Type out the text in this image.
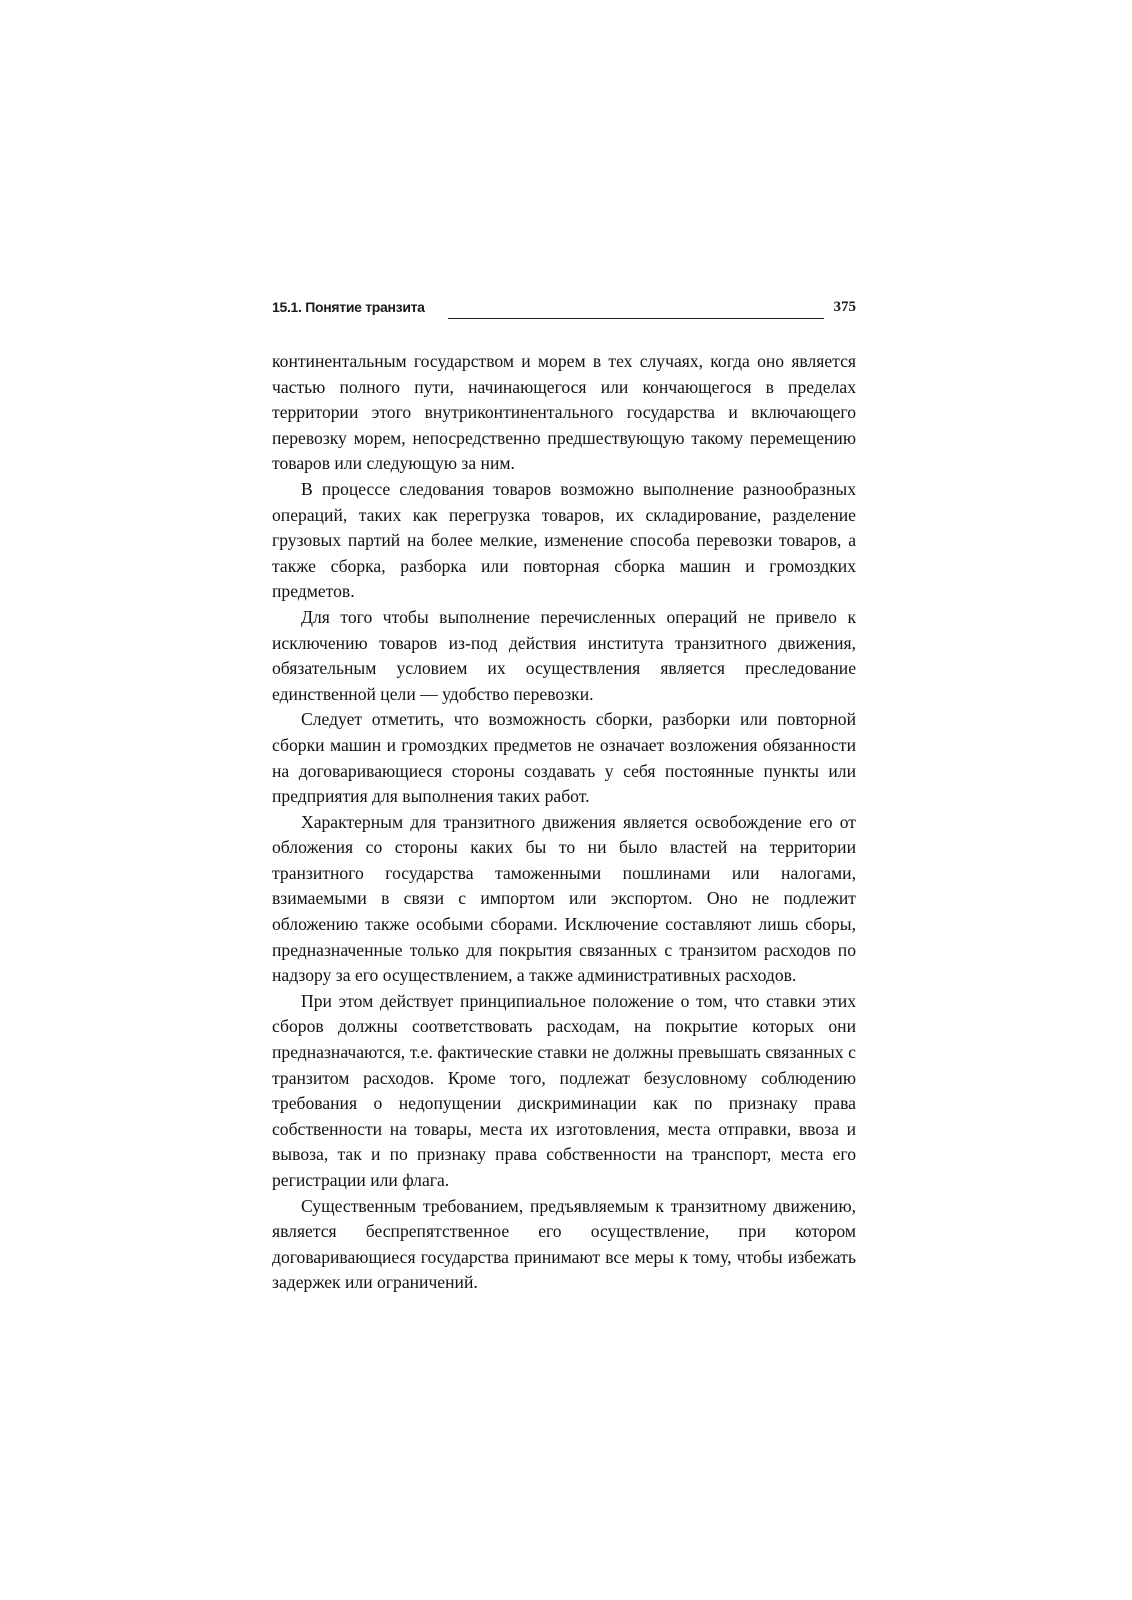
15.1. Понятие транзита	375

континентальным государством и морем в тех случаях, когда оно является частью полного пути, начинающегося или кончающегося в пределах территории этого внутриконтинентального государства и включающего перевозку морем, непосредственно предшествующую такому перемещению товаров или следующую за ним.

В процессе следования товаров возможно выполнение разнообразных операций, таких как перегрузка товаров, их складирование, разделение грузовых партий на более мелкие, изменение способа перевозки товаров, а также сборка, разборка или повторная сборка машин и громоздких предметов.

Для того чтобы выполнение перечисленных операций не привело к исключению товаров из-под действия института транзитного движения, обязательным условием их осуществления является преследование единственной цели — удобство перевозки.

Следует отметить, что возможность сборки, разборки или повторной сборки машин и громоздких предметов не означает возложения обязанности на договаривающиеся стороны создавать у себя постоянные пункты или предприятия для выполнения таких работ.

Характерным для транзитного движения является освобождение его от обложения со стороны каких бы то ни было властей на территории транзитного государства таможенными пошлинами или налогами, взимаемыми в связи с импортом или экспортом. Оно не подлежит обложению также особыми сборами. Исключение составляют лишь сборы, предназначенные только для покрытия связанных с транзитом расходов по надзору за его осуществлением, а также административных расходов.

При этом действует принципиальное положение о том, что ставки этих сборов должны соответствовать расходам, на покрытие которых они предназначаются, т.е. фактические ставки не должны превышать связанных с транзитом расходов. Кроме того, подлежат безусловному соблюдению требования о недопущении дискриминации как по признаку права собственности на товары, места их изготовления, места отправки, ввоза и вывоза, так и по признаку права собственности на транспорт, места его регистрации или флага.

Существенным требованием, предъявляемым к транзитному движению, является беспрепятственное его осуществление, при котором договаривающиеся государства принимают все меры к тому, чтобы избежать задержек или ограничений.
